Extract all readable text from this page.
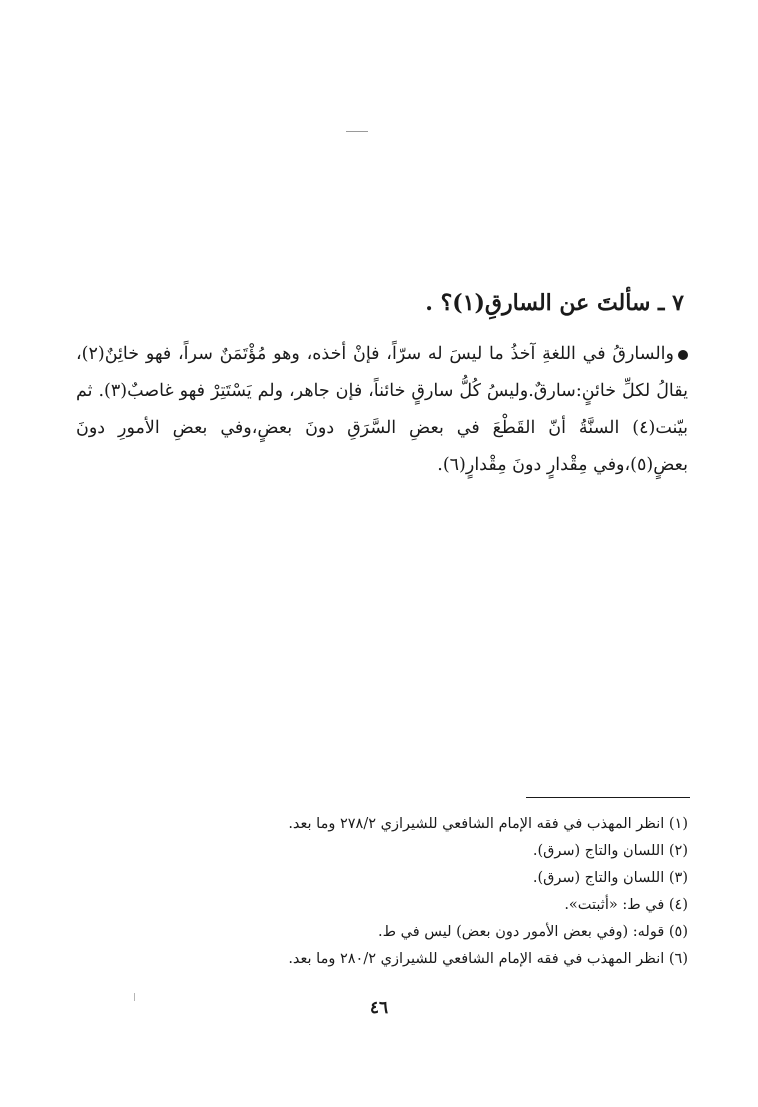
٧ ـ سألتَ عن السارقِ(١)؟ .
والسارقُ في اللغةِ آخذُ ما ليسَ له سرّاً، فإنْ أخذه، وهو مُؤْتَمَنٌ سراً، فهو خائِنٌ(٢)، يقالُ لكلِّ خائنٍ:سارقٌ.وليسُ كُلُّ سارقٍ خائناً، فإن جاهر، ولم يَسْتَتِرْ فهو غاصبٌ(٣). ثم بيّنت(٤) السنَّةُ أنّ القَطْعَ في بعضِ السَّرَقِ دونَ بعضٍ،وفي بعضِ الأمورِ دونَ بعضٍ(٥)،وفي مِقْدارٍ دونَ مِقْدارٍ(٦).
(١) انظر المهذب في فقه الإمام الشافعي للشيرازي ٢٧٨/٢ وما بعد.
(٢) اللسان والتاج (سرق).
(٣) اللسان والتاج (سرق).
(٤) في ط: «أثبتت».
(٥) قوله: (وفي بعض الأمور دون بعض) ليس في ط.
(٦) انظر المهذب في فقه الإمام الشافعي للشيرازي ٢٨٠/٢ وما بعد.
٤٦
